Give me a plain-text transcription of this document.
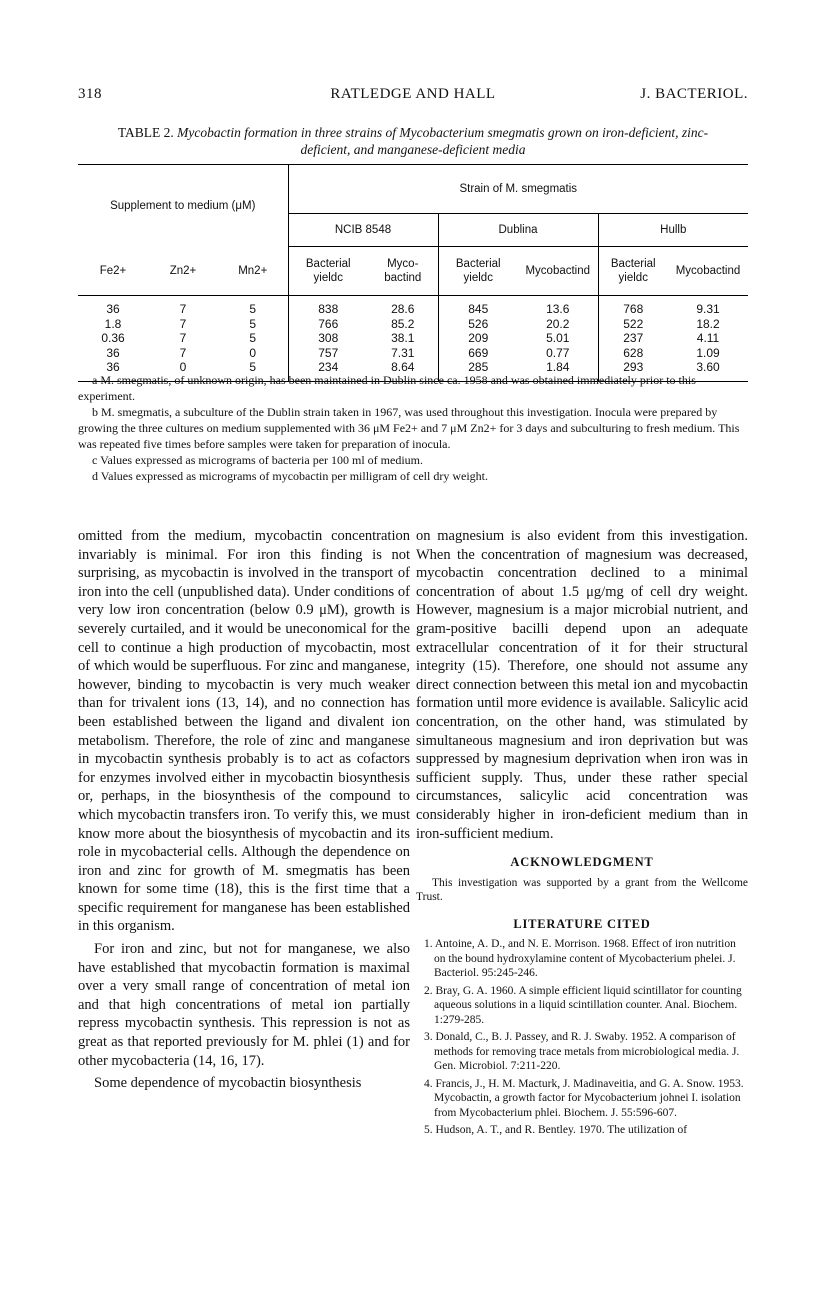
318	RATLEDGE AND HALL	J. BACTERIOL.
TABLE 2. Mycobactin formation in three strains of Mycobacterium smegmatis grown on iron-deficient, zinc-
deficient, and manganese-deficient media
Supplement to medium (μM)			Strain of M. smegmatis					
			NCIB 8548		Dublina		Hullb	
Fe2+	Zn2+	Mn2+	Bacterial yieldc	Myco- bactind	Bacterial yieldc	Mycobactind	Bacterial yieldc	Mycobactind
36	7	5	838	28.6	845	13.6	768	9.31
1.8	7	5	766	85.2	526	20.2	522	18.2
0.36	7	5	308	38.1	209	5.01	237	4.11
36	7	0	757	7.31	669	0.77	628	1.09
36	0	5	234	8.64	285	1.84	293	3.60

a M. smegmatis, of unknown origin, has been maintained in Dublin since ca. 1958 and was obtained immediately prior to this experiment.

b M. smegmatis, a subculture of the Dublin strain taken in 1967, was used throughout this investigation. Inocula were prepared by growing the three cultures on medium supplemented with 36 μM Fe2+ and 7 μM Zn2+ for 3 days and subculturing to fresh medium. This was repeated five times before samples were taken for preparation of inocula.

c Values expressed as micrograms of bacteria per 100 ml of medium.

d Values expressed as micrograms of mycobactin per milligram of cell dry weight.

omitted from the medium, mycobactin concentration invariably is minimal. For iron this finding is not surprising, as mycobactin is involved in the transport of iron into the cell (unpublished data). Under conditions of very low iron concentration (below 0.9 μM), growth is severely curtailed, and it would be uneconomical for the cell to continue a high production of mycobactin, most of which would be superfluous. For zinc and manganese, however, binding to mycobactin is very much weaker than for trivalent ions (13, 14), and no connection has been established between the ligand and divalent ion metabolism. Therefore, the role of zinc and manganese in mycobactin synthesis probably is to act as cofactors for enzymes involved either in mycobactin biosynthesis or, perhaps, in the biosynthesis of the compound to which mycobactin transfers iron. To verify this, we must know more about the biosynthesis of mycobactin and its role in mycobacterial cells. Although the dependence on iron and zinc for growth of M. smegmatis has been known for some time (18), this is the first time that a specific requirement for manganese has been established in this organism.

For iron and zinc, but not for manganese, we also have established that mycobactin formation is maximal over a very small range of concentration of metal ion and that high concentrations of metal ion partially repress mycobactin synthesis. This repression is not as great as that reported previously for M. phlei (1) and for other mycobacteria (14, 16, 17).

Some dependence of mycobactin biosynthesis

on magnesium is also evident from this investigation. When the concentration of magnesium was decreased, mycobactin concentration declined to a minimal concentration of about 1.5 μg/mg of cell dry weight. However, magnesium is a major microbial nutrient, and gram-positive bacilli depend upon an adequate extracellular concentration of it for their structural integrity (15). Therefore, one should not assume any direct connection between this metal ion and mycobactin formation until more evidence is available. Salicylic acid concentration, on the other hand, was stimulated by simultaneous magnesium and iron deprivation but was suppressed by magnesium deprivation when iron was in sufficient supply. Thus, under these rather special circumstances, salicylic acid concentration was considerably higher in iron-deficient medium than in iron-sufficient medium.

ACKNOWLEDGMENT

This investigation was supported by a grant from the Wellcome Trust.

LITERATURE CITED
1. Antoine, A. D., and N. E. Morrison. 1968. Effect of iron nutrition on the bound hydroxylamine content of Mycobacterium phelei. J. Bacteriol. 95:245-246.
2. Bray, G. A. 1960. A simple efficient liquid scintillator for counting aqueous solutions in a liquid scintillation counter. Anal. Biochem. 1:279-285.
3. Donald, C., B. J. Passey, and R. J. Swaby. 1952. A comparison of methods for removing trace metals from microbiological media. J. Gen. Microbiol. 7:211-220.
4. Francis, J., H. M. Macturk, J. Madinaveitia, and G. A. Snow. 1953. Mycobactin, a growth factor for Mycobacterium johnei I. isolation from Mycobacterium phlei. Biochem. J. 55:596-607.
5. Hudson, A. T., and R. Bentley. 1970. The utilization of
